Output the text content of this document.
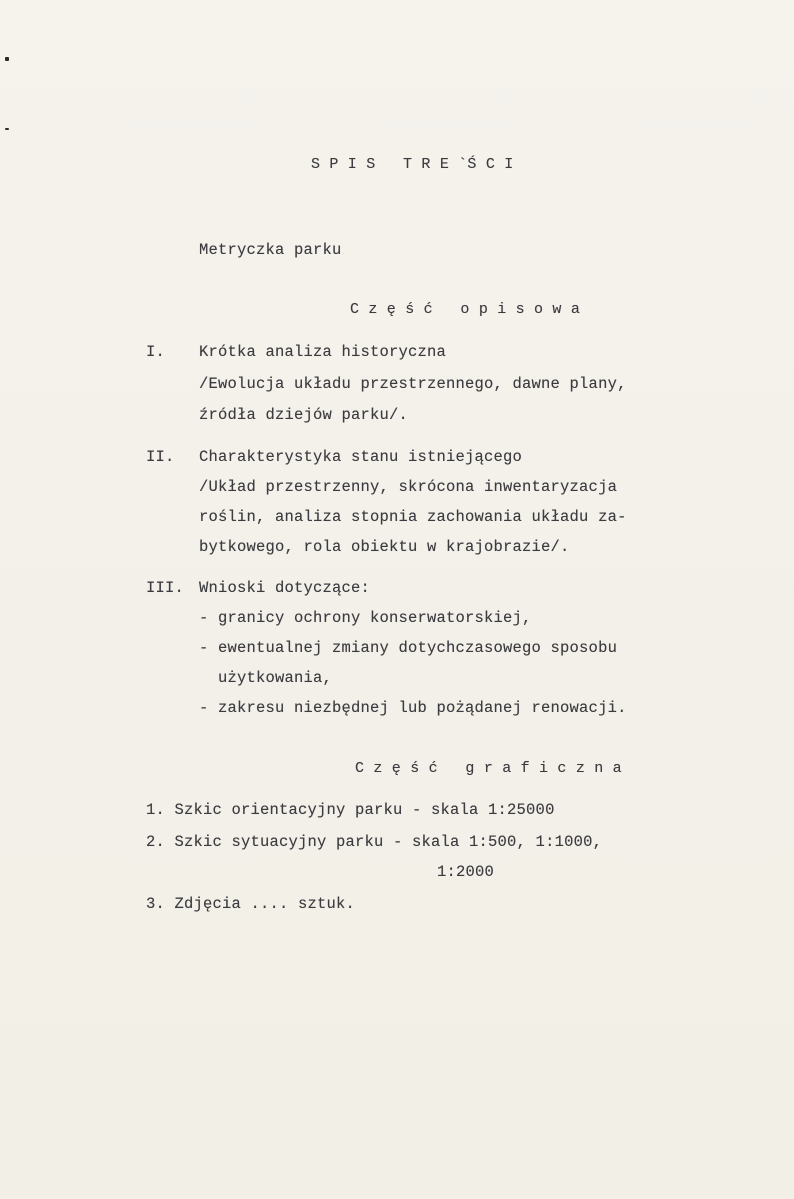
S P I S   T R E `Ś C I
Metryczka parku
C z ę ś ć   o p i s o w a
I. Krótka analiza historyczna
/Ewolucja układu przestrzennego, dawne plany,
źródła dziejów parku/.
II. Charakterystyka stanu istniejącego
/Układ przestrzenny, skrócona inwentaryzacja
roślin, analiza stopnia zachowania układu za-
bytkowego, rola obiektu w krajobrazie/.
III. Wnioski dotyczące:
- granicy ochrony konserwatorskiej,
- ewentualnej zmiany dotychczasowego sposobu
użytkowania,
- zakresu niezbędnej lub pożądanej renowacji.
C z ę ś ć   g r a f i c z n a
1. Szkic orientacyjny parku - skala 1:25000
2. Szkic sytuacyjny parku - skala 1:500, 1:1000,
1:2000
3. Zdjęcia .... sztuk.
